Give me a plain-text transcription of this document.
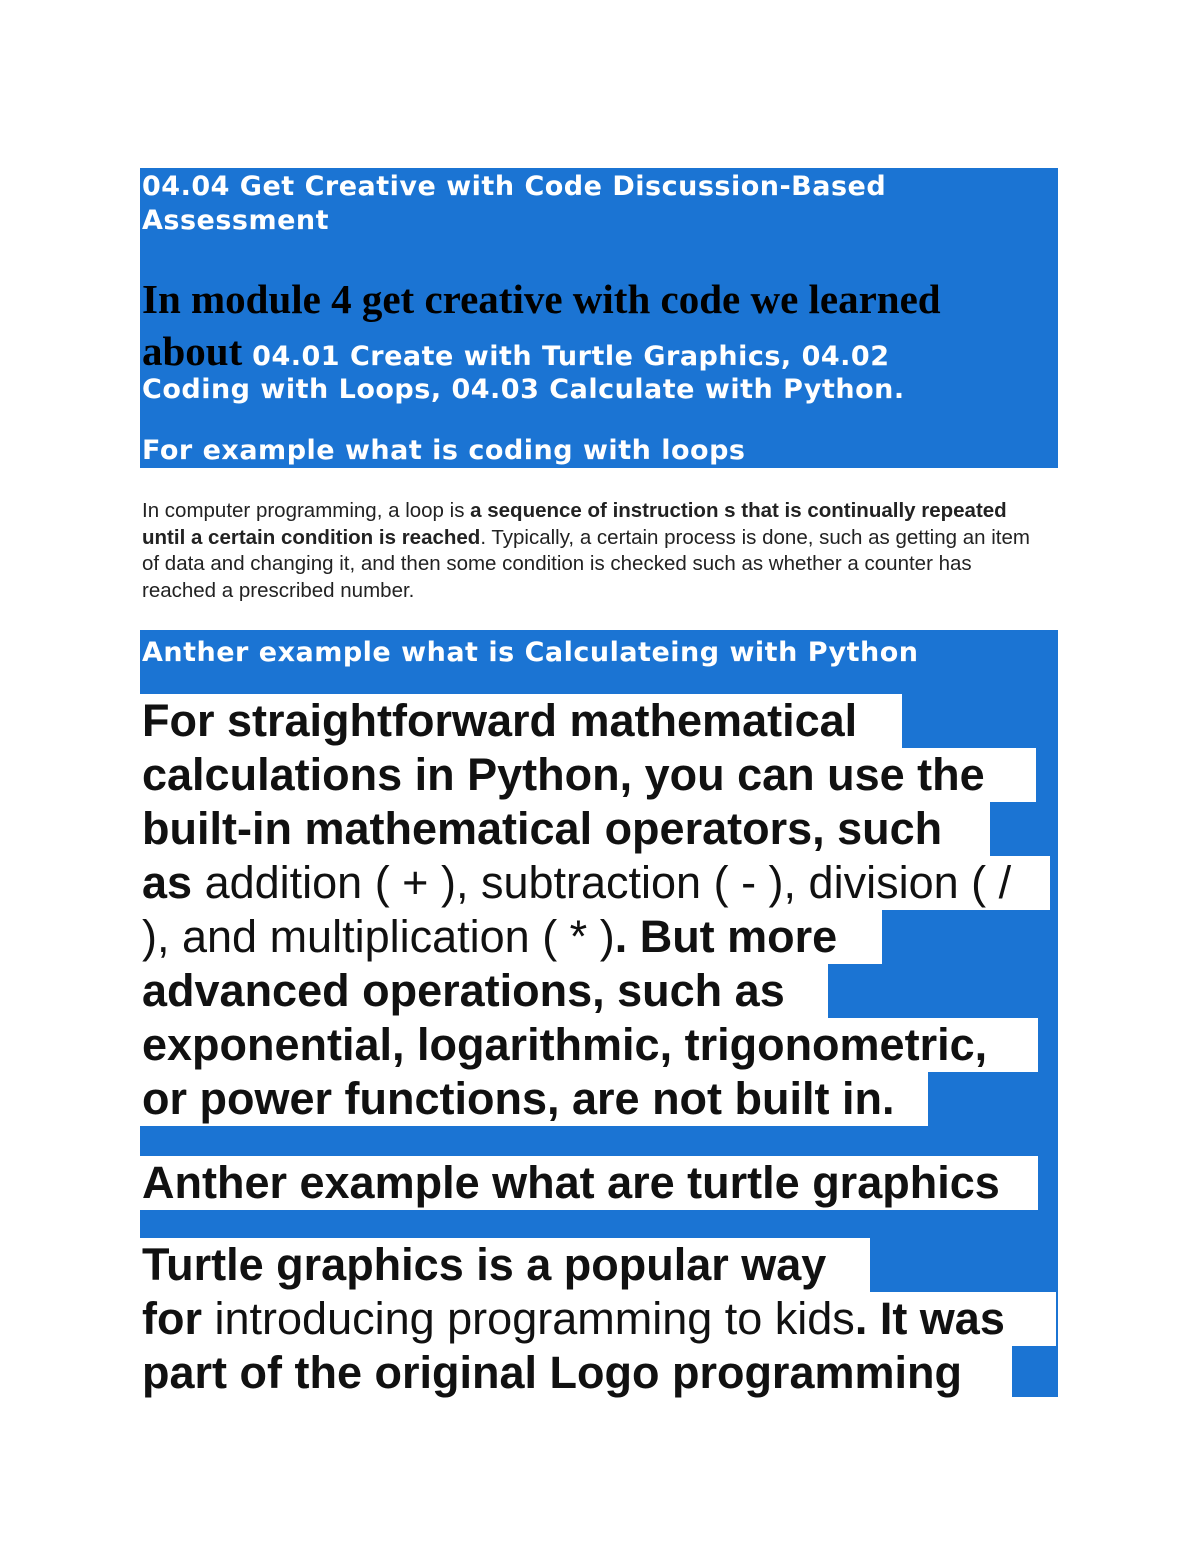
04.04 Get Creative with Code Discussion-Based Assessment
In module 4 get creative with code we learned
about 04.01 Create with Turtle Graphics, 04.02
Coding with Loops, 04.03 Calculate with Python.
For example what is coding with loops
In computer programming, a loop is a sequence of instruction s that is continually repeated until a certain condition is reached. Typically, a certain process is done, such as getting an item of data and changing it, and then some condition is checked such as whether a counter has reached a prescribed number.
Anther example what is Calculateing with Python
For straightforward mathematical
calculations in Python, you can use the
built-in mathematical operators, such
as addition ( + ), subtraction ( - ), division ( /
), and multiplication ( * ). But more
advanced operations, such as
exponential, logarithmic, trigonometric,
or power functions, are not built in.
Anther example what are turtle graphics
Turtle graphics is a popular way
for introducing programming to kids. It was
part of the original Logo programming
